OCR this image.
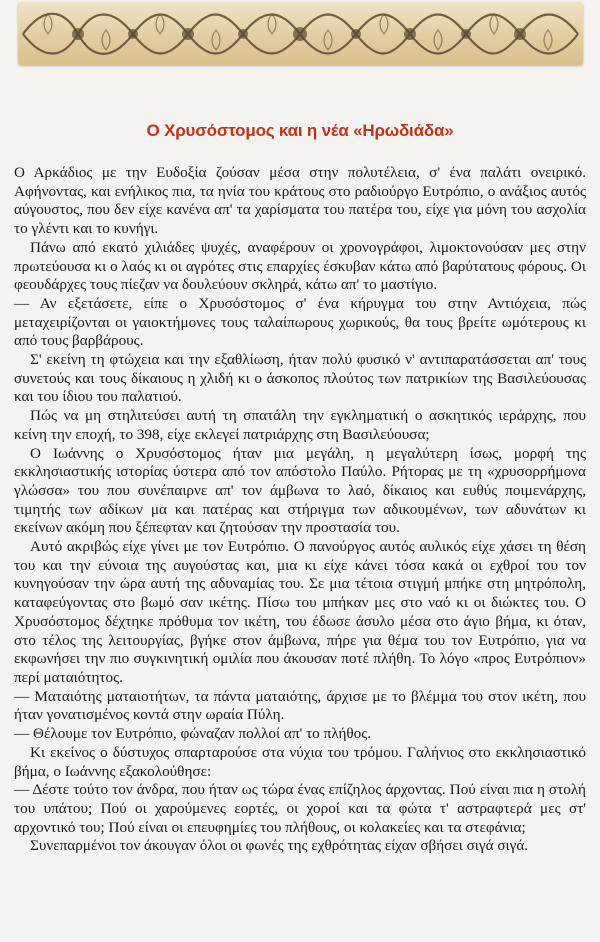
Ο Χρυσόστομος και η νέα «Ηρωδιάδα»

Ο Αρκάδιος με την Ευδοξία ζούσαν μέσα στην πολυτέλεια, σ' ένα παλάτι ονειρικό. Αφήνοντας, και ενήλικος πια, τα ηνία του κράτους στο ραδιούργο Ευτρόπιο, ο ανάξιος αυτός αύγουστος, που δεν είχε κανένα απ' τα χαρίσματα του πατέρα του, είχε για μόνη του ασχολία το γλέντι και το κυνήγι.

Πάνω από εκατό χιλιάδες ψυχές, αναφέρουν οι χρονογράφοι, λιμοκτονούσαν μες στην πρωτεύουσα κι ο λαός κι οι αγρότες στις επαρχίες έσκυβαν κάτω από βαρύτατους φόρους. Οι φεουδάρχες τους πίεζαν να δουλεύουν σκληρά, κάτω απ' το μαστίγιο.

— Αν εξετάσετε, είπε ο Χρυσόστομος σ' ένα κήρυγμα του στην Αντιόχεια, πώς μεταχειρίζονται οι γαιοκτήμονες τους ταλαίπωρους χωρικούς, θα τους βρείτε ωμότερους κι από τους βαρβάρους.

Σ' εκείνη τη φτώχεια και την εξαθλίωση, ήταν πολύ φυσικό ν' αντιπαρατάσσεται απ' τους συνετούς και τους δίκαιους η χλιδή κι ο άσκοπος πλούτος των πατρικίων της Βασιλεύουσας και του ίδιου του παλατιού.

Πώς να μη στηλιτεύσει αυτή τη σπατάλη την εγκληματική ο ασκητικός ιεράρχης, που κείνη την εποχή, το 398, είχε εκλεγεί πατριάρχης στη Βασιλεύουσα;

Ο Ιωάννης ο Χρυσόστομος ήταν μια μεγάλη, η μεγαλύτερη ίσως, μορφή της εκκλησιαστικής ιστορίας ύστερα από τον απόστολο Παύλο. Ρήτορας με τη «χρυσορρήμονα γλώσσα» του που συνέπαιρνε απ' τον άμβωνα το λαό, δίκαιος και ευθύς ποιμενάρχης, τιμητής των αδίκων μα και πατέρας και στήριγμα των αδικουμένων, των αδυνάτων κι εκείνων ακόμη που ξέπεφταν και ζητούσαν την προστασία του.

Αυτό ακριβώς είχε γίνει με τον Ευτρόπιο. Ο πανούργος αυτός αυλικός είχε χάσει τη θέση του και την εύνοια της αυγούστας και, μια κι είχε κάνει τόσα κακά οι εχθροί του τον κυνηγούσαν την ώρα αυτή της αδυναμίας του. Σε μια τέτοια στιγμή μπήκε στη μητρόπολη, καταφεύγοντας στο βωμό σαν ικέτης. Πίσω του μπήκαν μες στο ναό κι οι διώκτες του. Ο Χρυσόστομος δέχτηκε πρόθυμα τον ικέτη, του έδωσε άσυλο μέσα στο άγιο βήμα, κι όταν, στο τέλος της λειτουργίας, βγήκε στον άμβωνα, πήρε για θέμα του τον Ευτρόπιο, για να εκφωνήσει την πιο συγκινητική ομιλία που άκουσαν ποτέ πλήθη. Το λόγο «προς Ευτρόπιον» περί ματαιότητος.

— Ματαιότης ματαιοτήτων, τα πάντα ματαιότης, άρχισε με το βλέμμα του στον ικέτη, που ήταν γονατισμένος κοντά στην ωραία Πύλη.

— Θέλουμε τον Ευτρόπιο, φώναζαν πολλοί απ' το πλήθος.

Κι εκείνος ο δύστυχος σπαρταρούσε στα νύχια του τρόμου. Γαλήνιος στο εκκλησιαστικό βήμα, ο Ιωάννης εξακολούθησε:

— Δέστε τούτο τον άνδρα, που ήταν ως τώρα ένας επίζηλος άρχοντας. Πού είναι πια η στολή του υπάτου; Πού οι χαρούμενες εορτές, οι χοροί και τα φώτα τ' αστραφτερά μες στ' αρχοντικό του; Πού είναι οι επευφημίες του πλήθους, οι κολακείες και τα στεφάνια;

Συνεπαρμένοι τον άκουγαν όλοι οι φωνές της εχθρότητας είχαν σβήσει σιγά σιγά.
